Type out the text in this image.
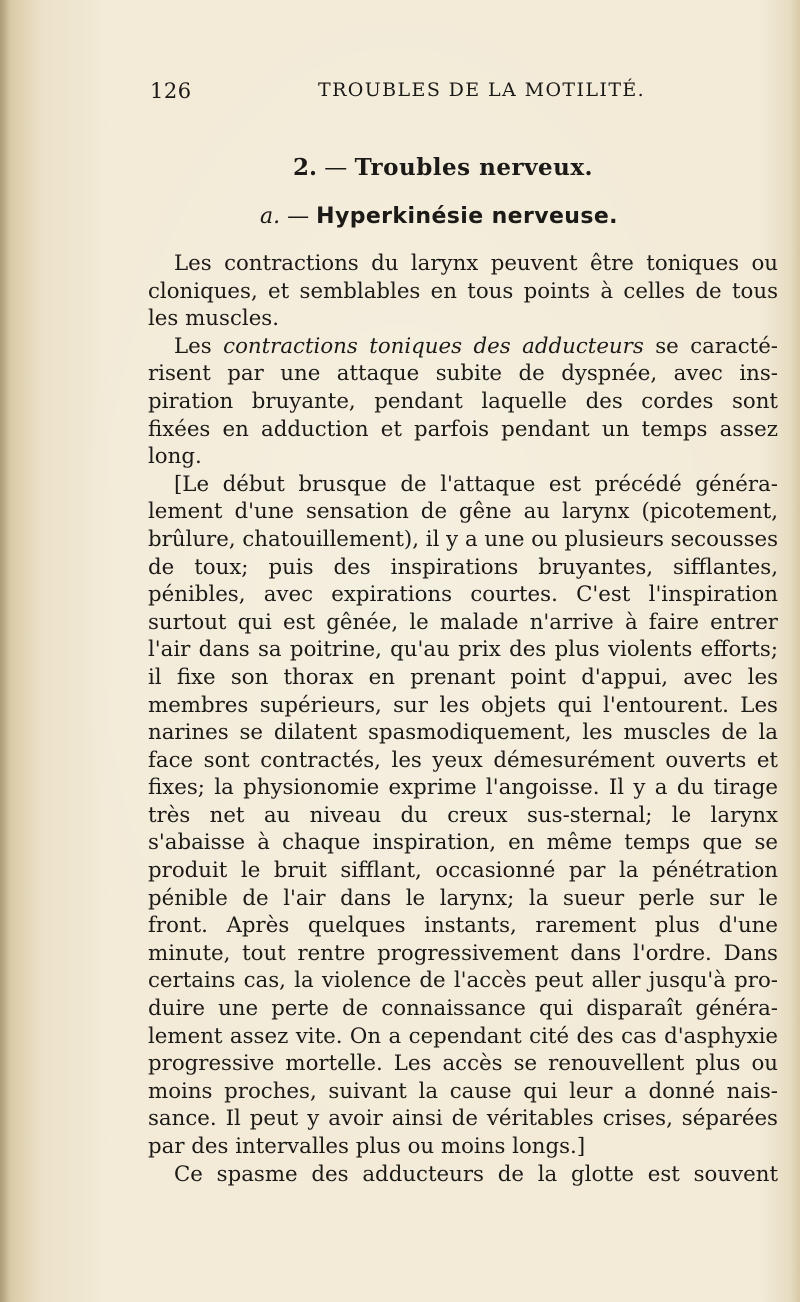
126	TROUBLES DE LA MOTILITÉ.
2. — Troubles nerveux.
a. — Hyperkinésie nerveuse.
Les contractions du larynx peuvent être toniques ou
cloniques, et semblables en tous points à celles de tous
les muscles.
Les contractions toniques des adducteurs se caracté-
risent par une attaque subite de dyspnée, avec ins-
piration bruyante, pendant laquelle des cordes sont
fixées en adduction et parfois pendant un temps assez
long.
[Le début brusque de l'attaque est précédé généra-
lement d'une sensation de gêne au larynx (picotement,
brûlure, chatouillement), il y a une ou plusieurs secousses
de toux; puis des inspirations bruyantes, sifflantes,
pénibles, avec expirations courtes. C'est l'inspiration
surtout qui est gênée, le malade n'arrive à faire entrer
l'air dans sa poitrine, qu'au prix des plus violents efforts;
il fixe son thorax en prenant point d'appui, avec les
membres supérieurs, sur les objets qui l'entourent. Les
narines se dilatent spasmodiquement, les muscles de la
face sont contractés, les yeux démesurément ouverts et
fixes; la physionomie exprime l'angoisse. Il y a du tirage
très net au niveau du creux sus-sternal; le larynx
s'abaisse à chaque inspiration, en même temps que se
produit le bruit sifflant, occasionné par la pénétration
pénible de l'air dans le larynx; la sueur perle sur le
front. Après quelques instants, rarement plus d'une
minute, tout rentre progressivement dans l'ordre. Dans
certains cas, la violence de l'accès peut aller jusqu'à pro-
duire une perte de connaissance qui disparaît généra-
lement assez vite. On a cependant cité des cas d'asphyxie
progressive mortelle. Les accès se renouvellent plus ou
moins proches, suivant la cause qui leur a donné nais-
sance. Il peut y avoir ainsi de véritables crises, séparées
par des intervalles plus ou moins longs.]
Ce spasme des adducteurs de la glotte est souvent
